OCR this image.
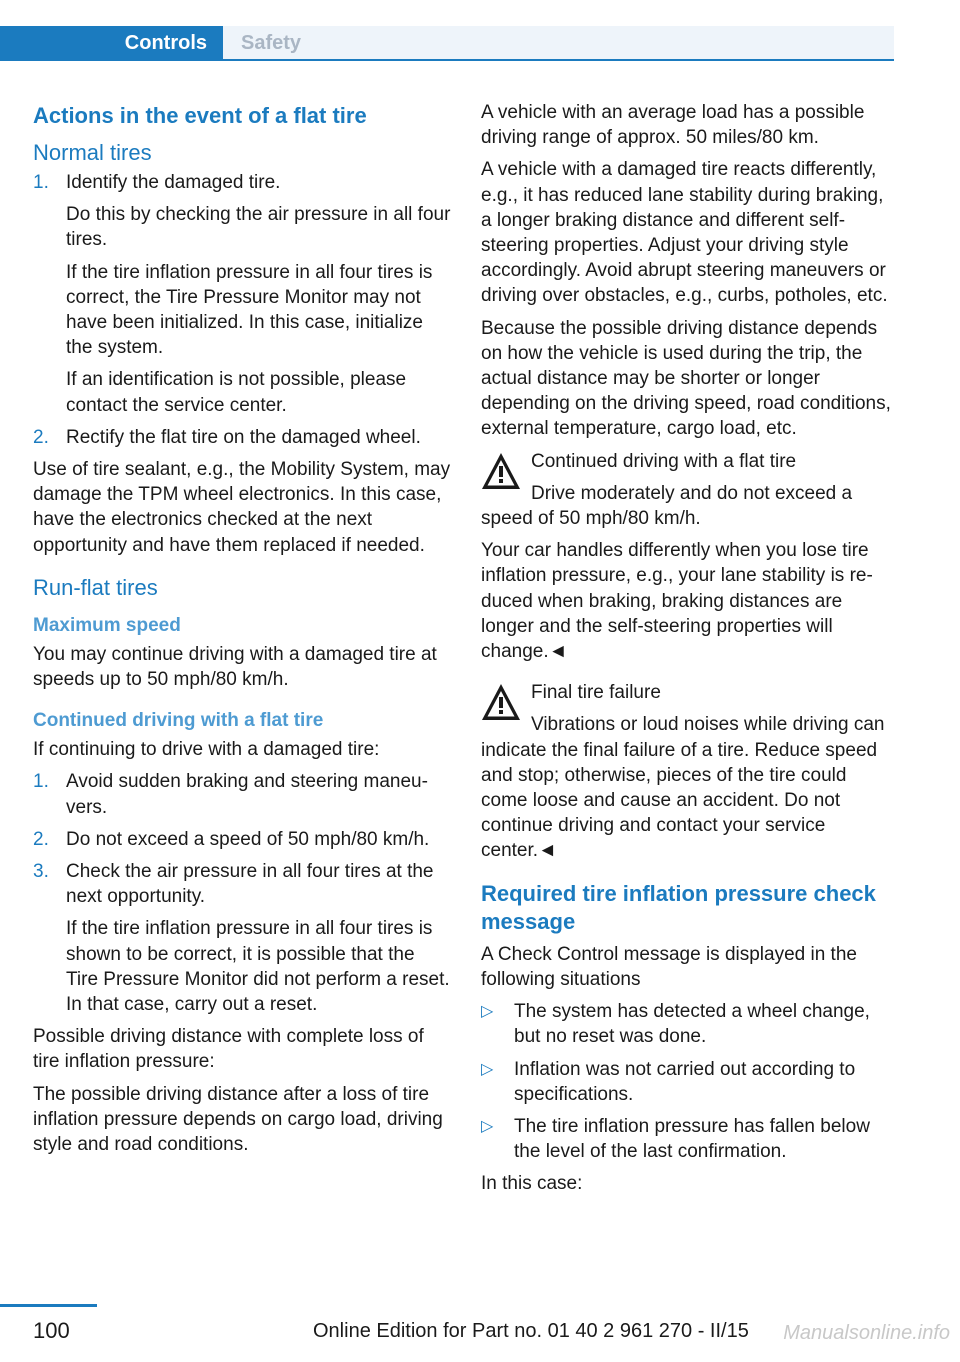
Controls	Safety
Actions in the event of a flat tire
Normal tires
1. Identify the damaged tire.
Do this by checking the air pressure in all four tires.
If the tire inflation pressure in all four tires is correct, the Tire Pressure Monitor may not have been initialized. In this case, initialize the system.
If an identification is not possible, please contact the service center.
2. Rectify the flat tire on the damaged wheel.

Use of tire sealant, e.g., the Mobility System, may damage the TPM wheel electronics. In this case, have the electronics checked at the next opportunity and have them replaced if needed.

Run-flat tires
Maximum speed

You may continue driving with a damaged tire at speeds up to 50 mph/80 km/h.

Continued driving with a flat tire

If continuing to drive with a damaged tire:

1. Avoid sudden braking and steering maneuvers.
2. Do not exceed a speed of 50 mph/80 km/h.
3. Check the air pressure in all four tires at the next opportunity.
If the tire inflation pressure in all four tires is shown to be correct, it is possible that the Tire Pressure Monitor did not perform a reset. In that case, carry out a reset.

Possible driving distance with complete loss of tire inflation pressure:

The possible driving distance after a loss of tire inflation pressure depends on cargo load, driving style and road conditions.

A vehicle with an average load has a possible driving range of approx. 50 miles/80 km.

A vehicle with a damaged tire reacts differently, e.g., it has reduced lane stability during braking, a longer braking distance and different self-steering properties. Adjust your driving style accordingly. Avoid abrupt steering maneuvers or driving over obstacles, e.g., curbs, potholes, etc.

Because the possible driving distance depends on how the vehicle is used during the trip, the actual distance may be shorter or longer depending on the driving speed, road conditions, external temperature, cargo load, etc.

Continued driving with a flat tire
Drive moderately and do not exceed a speed of 50 mph/80 km/h.

Your car handles differently when you lose tire inflation pressure, e.g., your lane stability is reduced when braking, braking distances are longer and the self-steering properties will change.◄

Final tire failure
Vibrations or loud noises while driving can indicate the final failure of a tire. Reduce speed and stop; otherwise, pieces of the tire could come loose and cause an accident. Do not continue driving and contact your service center.◄
Required tire inflation pressure check message

A Check Control message is displayed in the following situations

▷ The system has detected a wheel change, but no reset was done.
▷ Inflation was not carried out according to specifications.
▷ The tire inflation pressure has fallen below the level of the last confirmation.

In this case:

100	Online Edition for Part no. 01 40 2 961 270 - II/15 Manualsonline.info
